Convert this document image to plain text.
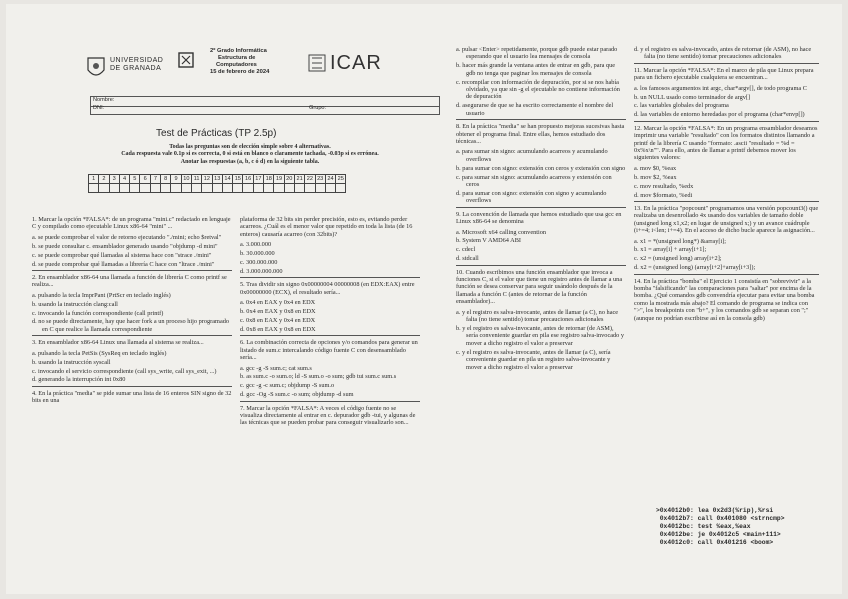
UNIVERSIDAD
DE GRANADA
2º Grado Informática
Estructura de
Computadores
15 de febrero de 2024	ICAR
Nombre:
DNI:	Grupo:
Test de Prácticas (TP 2.5p)
Todas las preguntas son de elección simple sobre 4 alternativas.
Cada respuesta vale 0.1p si es correcta, 0 si está en blanco o claramente tachada, -0.03p si es errónea.
Anotar las respuestas (a, b, c ó d) en la siguiente tabla.
1	2	3	4	5	6	7	8	9	10	11	12	13	14	15	16	17	18	19	20	21	22	23	24	25

1. Marcar la opción *FALSA*: de un programa "mini.c" redactado en lenguaje C y compilado como ejecutable Linux x86-64 "mini" ...
a. se puede comprobar el valor de retorno ejecutando "./mini; echo $retval"
b. se puede consultar c. ensamblador generado usando "objdump -d mini"
c. se puede comprobar qué llamadas al sistema hace con "strace ./mini"
d. se puede comprobar qué llamadas a librería C hace con "ltrace ./mini"
2. En ensamblador x86-64 una llamada a función de librería C como printf se realiza...
a. pulsando la tecla ImprPant (PrtScr en teclado inglés)
b. usando la instrucción clang:call
c. invocando la función correspondiente (call printf)
d. no se puede directamente, hay que hacer fork a un proceso hijo programado en C que realice la llamada correspondiente
3. En ensamblador x86-64 Linux una llamada al sistema se realiza...
a. pulsando la tecla PetSis (SysReq en teclado inglés)
b. usando la instrucción syscall
c. invocando el servicio correspondiente (call sys_write, call sys_exit, ...)
d. generando la interrupción int 0x80
4. En la práctica "media" se pide sumar una lista de 16 enteros SIN signo de 32 bits en una
plataforma de 32 bits sin perder precisión, esto es, evitando perder acarreos. ¿Cuál es el menor valor que repetido en toda la lista (de 16 enteros) causaría acarreo (con 32bits)?
a. 3.000.000
b. 30.000.000
c. 300.000.000
d. 3.000.000.000
5. Tras dividir sin signo 0x00000004 00000008 (en EDX:EAX) entre 0x00000000 (ECX), el resultado sería...
a. 0x4 en EAX y 0x4 en EDX
b. 0x4 en EAX y 0x8 en EDX
c. 0x8 en EAX y 0x4 en EDX
d. 0x8 en EAX y 0x8 en EDX
6. La combinación correcta de opciones y/o comandos para generar un listado de sum.c intercalando código fuente C con desensamblado sería...
a. gcc -g -S sum.c; cat sum.s
b. as sum.c -o sum.o; ld -S sum.o -o sum; gdb tui sum.c sum.s
c. gcc -g -c sum.c; objdump -S sum.o
d. gcc -Og -S sum.c -o sum; objdump -d sum
7. Marcar la opción *FALSA*: A veces el código fuente no se visualiza directamente al entrar en c. depurador gdb -tui, y algunas de las técnicas que se pueden probar para conseguir visualizarlo son...
a. pulsar <Enter> repetidamente, porque gdb puede estar parado esperando que el usuario lea mensajes de consola
b. hacer más grande la ventana antes de entrar en gdb, para que gdb no tenga que paginar los mensajes de consola
c. recompilar con información de depuración, por si se nos había olvidado, ya que sin -g el ejecutable no contiene información de depuración
d. asegurarse de que se ha escrito correctamente el nombre del usuario
8. En la práctica "media" se han propuesto mejoras sucesivas hasta obtener el programa final. Entre ellas, hemos estudiado dos técnicas...
a. para sumar sin signo: acumulando acarreos y acumulando overflows
b. para sumar con signo: extensión con ceros y extensión con signo
c. para sumar sin signo: acumulando acarreos y extensión con ceros
d. para sumar con signo: extensión con signo y acumulando overflows
9. La convención de llamada que hemos estudiado que usa gcc en Linux x86-64 se denomina
a. Microsoft x64 calling convention
b. System V AMD64 ABI
c. cdecl
d. stdcall
10. Cuando escribimos una función ensamblador que invoca a funciones C, si el valor que tiene un registro antes de llamar a una función se desea conservar para seguir usándolo después de la llamada a función C (antes de retornar de la función ensamblador)...
a. y el registro es salva-invocante, antes de llamar (a C), no hace falta (no tiene sentido) tomar precauciones adicionales
b. y el registro es salva-invocante, antes de retornar (de ASM), sería conveniente guardar en pila ese registro salva-invocado y mover a dicho registro el valor a preservar
c. y el registro es salva-invocante, antes de llamar (a C), sería conveniente guardar en pila un registro salva-invocante y mover a dicho registro el valor a preservar
d. y el registro es salva-invocado, antes de retornar (de ASM), no hace falta (no tiene sentido) tomar precauciones adicionales
11. Marcar la opción *FALSA*: En el marco de pila que Linux prepara para un fichero ejecutable cualquiera se encuentran...
a. los famosos argumentos int argc, char*argv[], de todo programa C
b. un NULL usado como terminador de argv[]
c. las variables globales del programa
d. las variables de entorno heredadas por el programa (char*envp[])
12. Marcar la opción *FALSA*: En un programa ensamblador deseamos imprimir una variable "resultado" con los formatos distintos llamando a printf de la librería C usando "formato: .ascii "resultado = %d = 0x%x\n"". Para ello, antes de llamar a printf debemos mover los siguientes valores:
a. mov $0, %eax
b. mov $2, %eax
c. mov resultado, %edx
d. mov $formato, %edi
13. En la práctica "popcount" programamos una versión popcount3() que realizaba un desenrollado 4x usando dos variables de tamaño doble (unsigned long x1,x2; en lugar de unsigned x;) y un avance cuádruple (i+=4; i<len; i+=4). En el acceso de dicho bucle aparece la asignación...
a. x1 = *(unsigned long*) &array[i];
b. x1 = array[i] + array[i+1];
c. x2 = (unsigned long) array[i+2];
d. x2 = (unsigned long) (array[i+2]+array[i+3]);
14. En la práctica "bomba" el Ejercicio 1 consistía en "sobrevivir" a la bomba "falsificando" las comparaciones para "saltar" por encima de la bomba. ¿Qué comandos gdb convendría ejecutar para evitar una bomba como la mostrada más abajo? El comando de programa se indica con ">", los breakpoints con "b+", y los comandos gdb se separan con ";" (aunque no podrían escribirse así en la consola gdb)
>0x4012b0: lea 0x2d3(%rip),%rsi
0x4012b7: call 0x401080 <strncmp>
0x4012bc: test %eax,%eax
0x4012be: je 0x4012c5 <main+111>
0x4012c0: call 0x401216 <boom>
